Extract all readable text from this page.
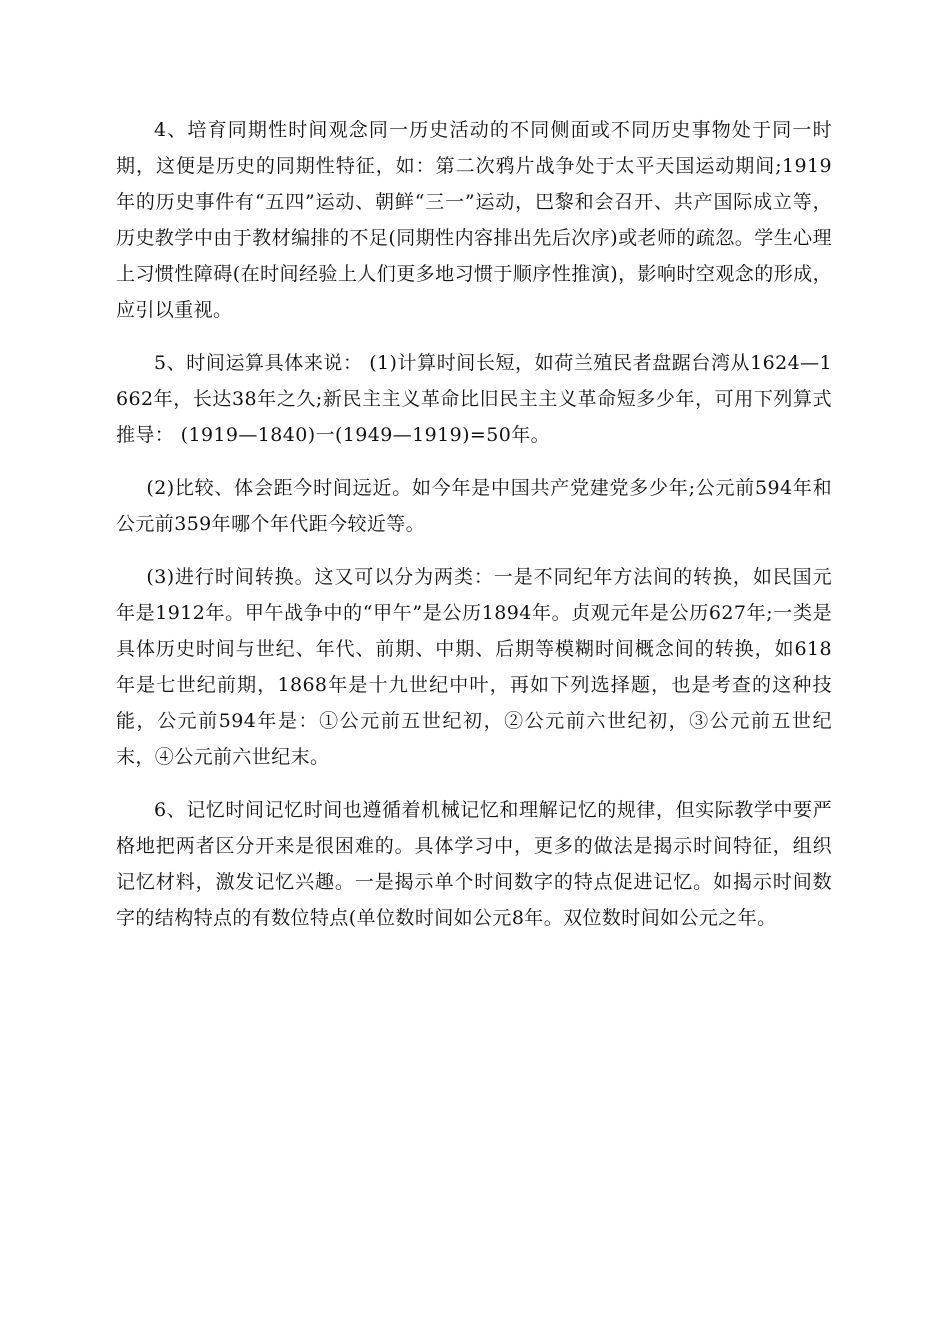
4、培育同期性时间观念同一历史活动的不同侧面或不同历史事物处于同一时期，这便是历史的同期性特征，如：第二次鸦片战争处于太平天国运动期间;1919年的历史事件有“五四”运动、朝鲜“三一”运动，巴黎和会召开、共产国际成立等，历史教学中由于教材编排的不足(同期性内容排出先后次序)或老师的疏忽。学生心理上习惯性障碍(在时间经验上人们更多地习惯于顺序性推演)，影响时空观念的形成，应引以重视。

5、时间运算具体来说： (1)计算时间长短，如荷兰殖民者盘踞台湾从1624—1662年，长达38年之久;新民主主义革命比旧民主主义革命短多少年，可用下列算式推导： (1919—1840)一(1949—1919)=50年。

(2)比较、体会距今时间远近。如今年是中国共产党建党多少年;公元前594年和公元前359年哪个年代距今较近等。

(3)进行时间转换。这又可以分为两类：一是不同纪年方法间的转换，如民国元年是1912年。甲午战争中的“甲午”是公历1894年。贞观元年是公历627年;一类是具体历史时间与世纪、年代、前期、中期、后期等模糊时间概念间的转换，如618年是七世纪前期，1868年是十九世纪中叶，再如下列选择题，也是考查的这种技能，公元前594年是：①公元前五世纪初，②公元前六世纪初，③公元前五世纪末，④公元前六世纪末。

6、记忆时间记忆时间也遵循着机械记忆和理解记忆的规律，但实际教学中要严格地把两者区分开来是很困难的。具体学习中，更多的做法是揭示时间特征，组织记忆材料，激发记忆兴趣。一是揭示单个时间数字的特点促进记忆。如揭示时间数字的结构特点的有数位特点(单位数时间如公元8年。双位数时间如公元之年。
